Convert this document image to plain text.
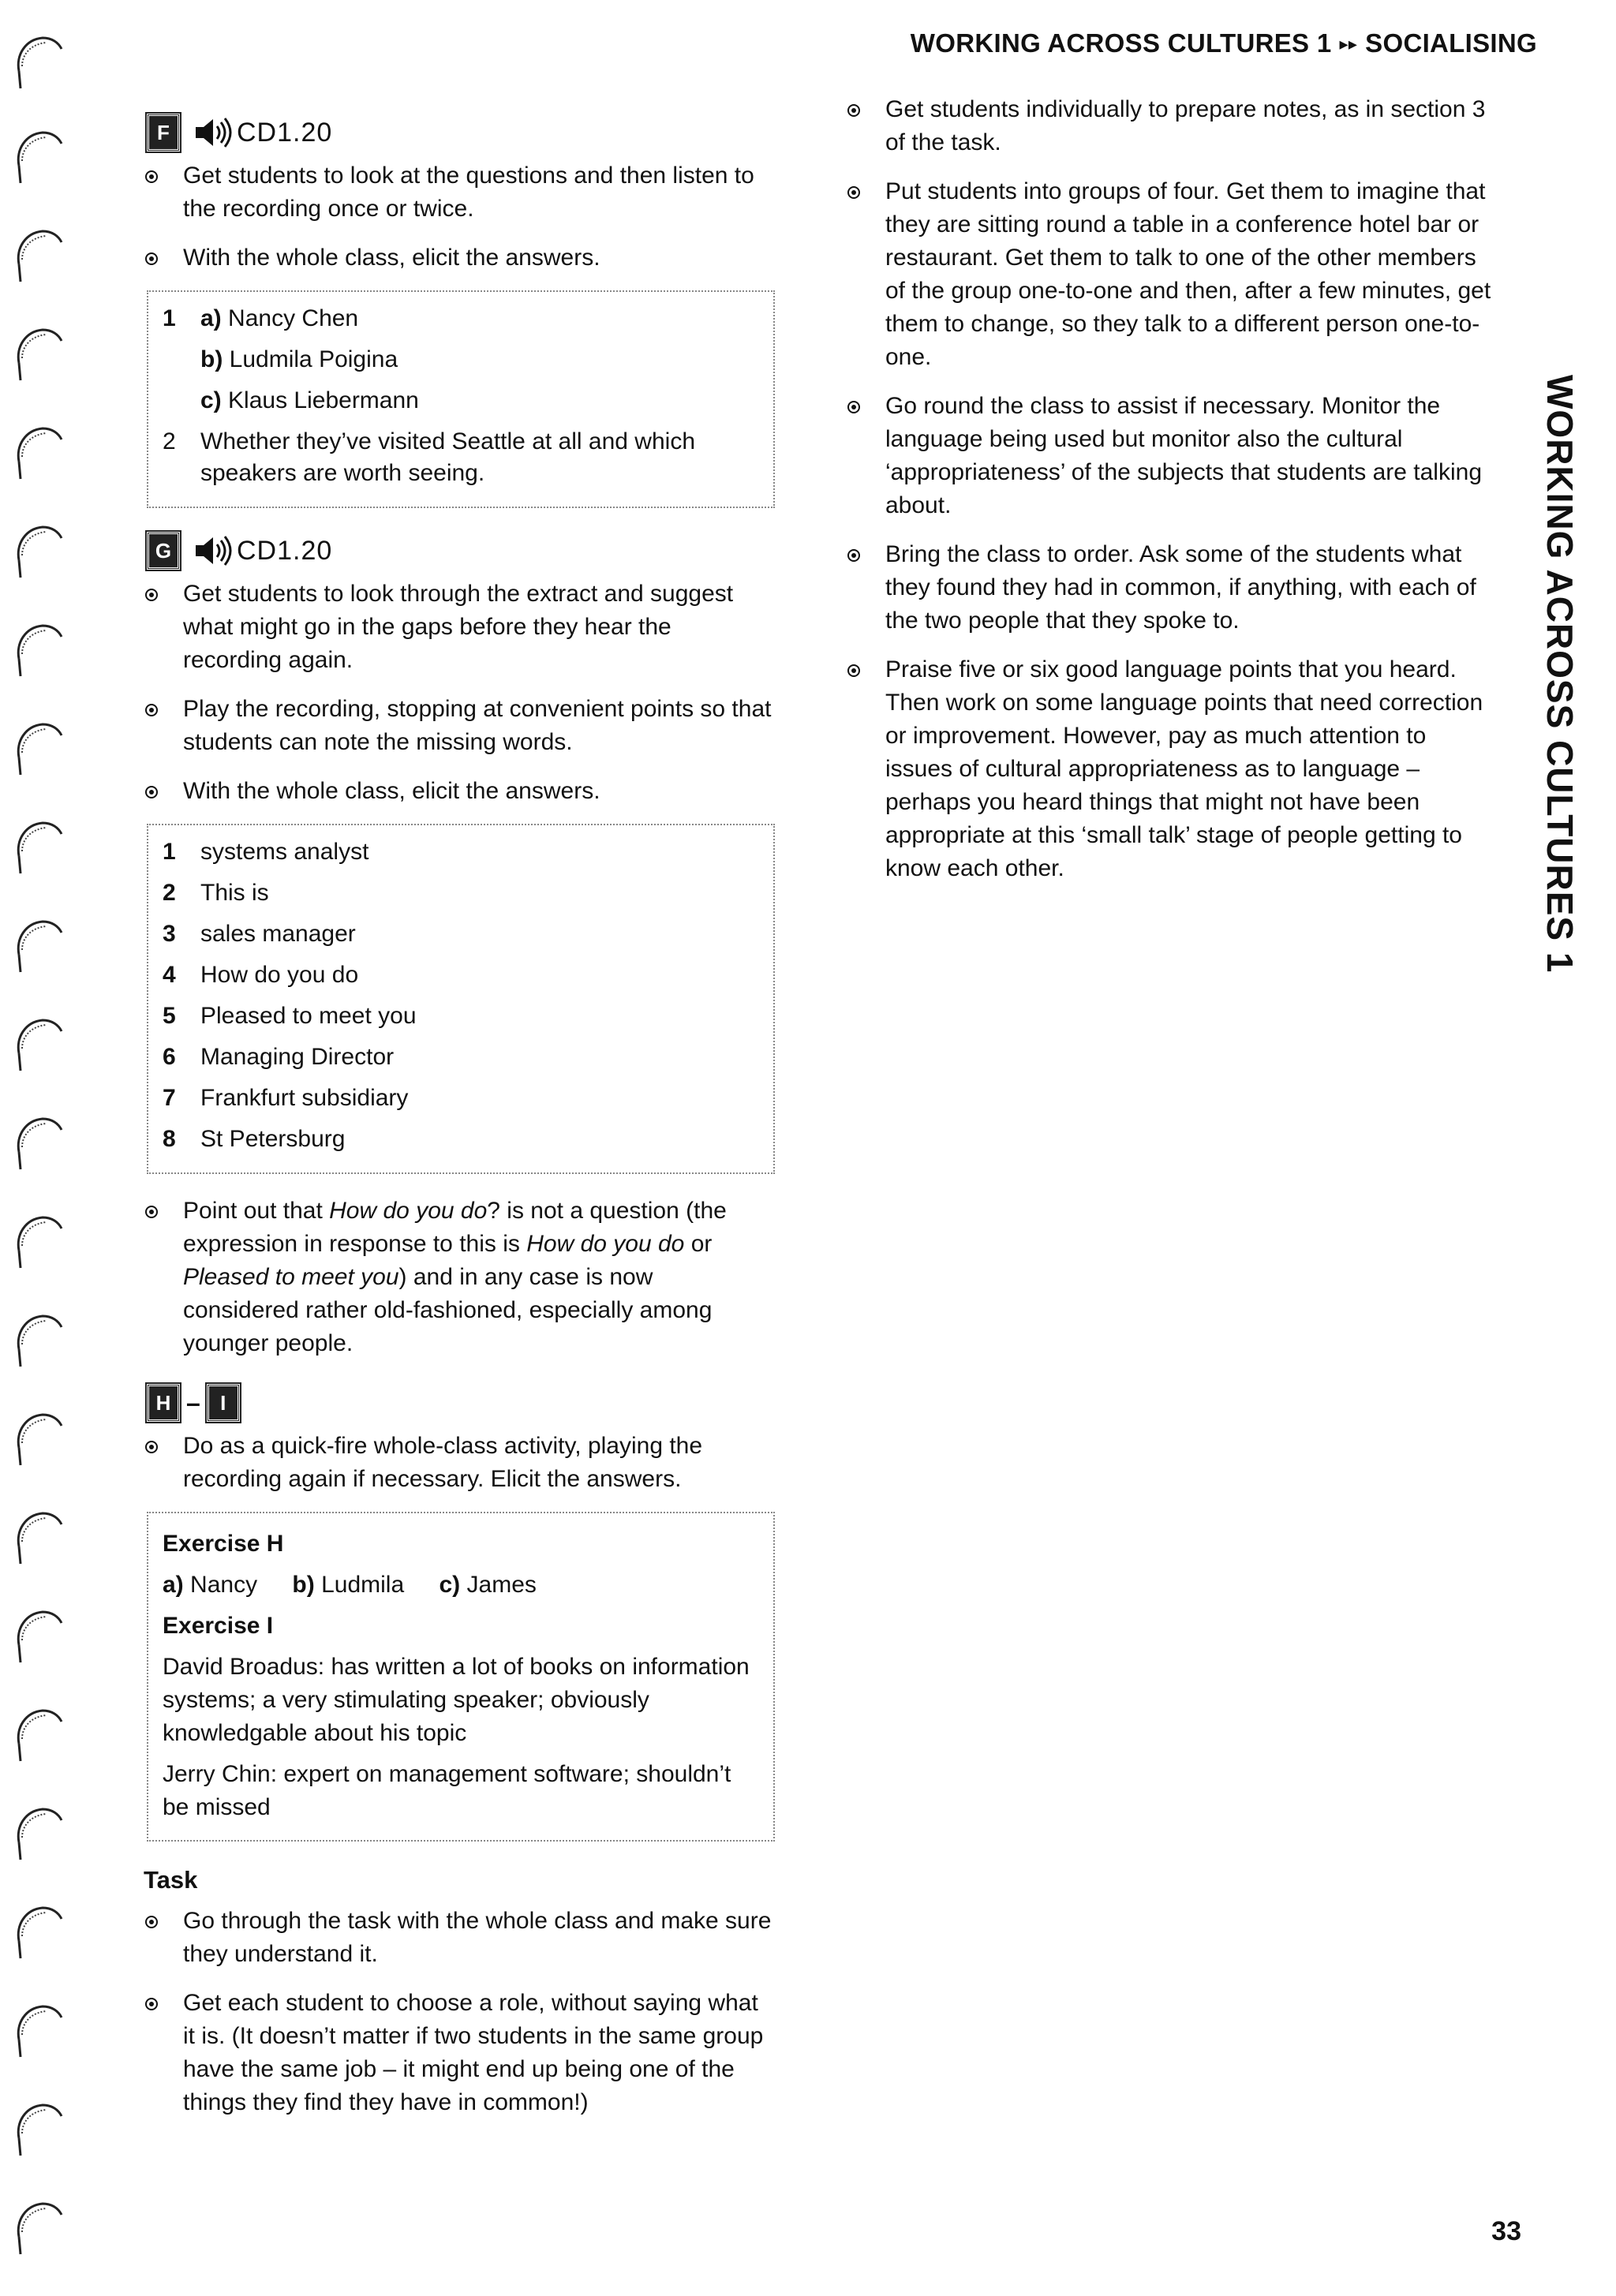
WORKING ACROSS CULTURES 1 ▸▸ SOCIALISING
WORKING ACROSS CULTURES 1
F	CD1.20
Get students to look at the questions and then listen to the recording once or twice.
With the whole class, elicit the answers.
1	a) Nancy Chen
b) Ludmila Poigina
c) Klaus Liebermann
2	Whether they’ve visited Seattle at all and which speakers are worth seeing.
G	CD1.20
Get students to look through the extract and suggest what might go in the gaps before they hear the recording again.
Play the recording, stopping at convenient points so that students can note the missing words.
With the whole class, elicit the answers.
1	systems analyst
2	This is
3	sales manager
4	How do you do
5	Pleased to meet you
6	Managing Director
7	Frankfurt subsidiary
8	St Petersburg
Point out that How do you do? is not a question (the expression in response to this is How do you do or Pleased to meet you) and in any case is now considered rather old-fashioned, especially among younger people.
H – I
Do as a quick-fire whole-class activity, playing the recording again if necessary. Elicit the answers.
Exercise H
a) Nancy b) Ludmila c) James
Exercise I
David Broadus: has written a lot of books on information systems; a very stimulating speaker; obviously knowledgable about his topic
Jerry Chin: expert on management software; shouldn’t be missed
Task
Go through the task with the whole class and make sure they understand it.
Get each student to choose a role, without saying what it is. (It doesn’t matter if two students in the same group have the same job – it might end up being one of the things they find they have in common!)
Get students individually to prepare notes, as in section 3 of the task.
Put students into groups of four. Get them to imagine that they are sitting round a table in a conference hotel bar or restaurant. Get them to talk to one of the other members of the group one-to-one and then, after a few minutes, get them to change, so they talk to a different person one-to-one.
Go round the class to assist if necessary. Monitor the language being used but monitor also the cultural ‘appropriateness’ of the subjects that students are talking about.
Bring the class to order. Ask some of the students what they found they had in common, if anything, with each of the two people that they spoke to.
Praise five or six good language points that you heard. Then work on some language points that need correction or improvement. However, pay as much attention to issues of cultural appropriateness as to language – perhaps you heard things that might not have been appropriate at this ‘small talk’ stage of people getting to know each other.
33
